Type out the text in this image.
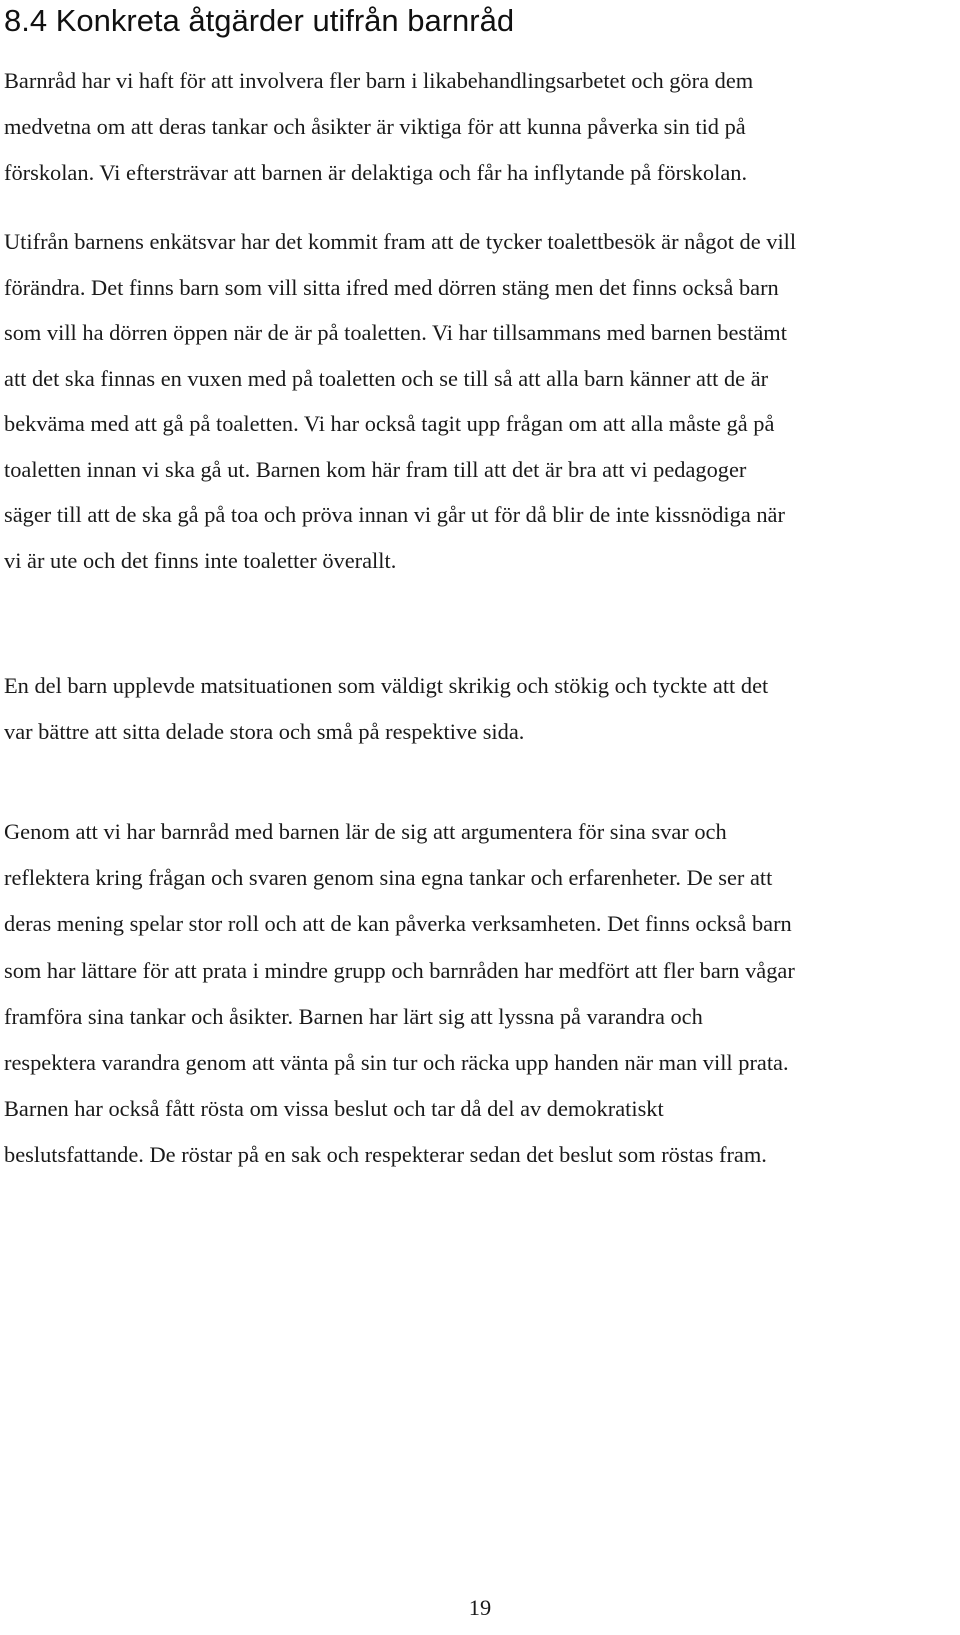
8.4 Konkreta åtgärder utifrån barnråd

Barnråd har vi haft för att involvera fler barn i likabehandlingsarbetet och göra dem
medvetna om att deras tankar och åsikter är viktiga för att kunna påverka sin tid på
förskolan. Vi eftersträvar att barnen är delaktiga och får ha inflytande på förskolan.

Utifrån barnens enkätsvar har det kommit fram att de tycker toalettbesök är något de vill
förändra. Det finns barn som vill sitta ifred med dörren stäng men det finns också barn
som vill ha dörren öppen när de är på toaletten. Vi har tillsammans med barnen bestämt
att det ska finnas en vuxen med på toaletten och se till så att alla barn känner att de är
bekväma med att gå på toaletten. Vi har också tagit upp frågan om att alla måste gå på
toaletten innan vi ska gå ut. Barnen kom här fram till att det är bra att vi pedagoger
säger till att de ska gå på toa och pröva innan vi går ut för då blir de inte kissnödiga när
vi är ute och det finns inte toaletter överallt.

En del barn upplevde matsituationen som väldigt skrikig och stökig och tyckte att det
var bättre att sitta delade stora och små på respektive sida.

Genom att vi har barnråd med barnen lär de sig att argumentera för sina svar och
reflektera kring frågan och svaren genom sina egna tankar och erfarenheter. De ser att
deras mening spelar stor roll och att de kan påverka verksamheten. Det finns också barn
som har lättare för att prata i mindre grupp och barnråden har medfört att fler barn vågar
framföra sina tankar och åsikter. Barnen har lärt sig att lyssna på varandra och
respektera varandra genom att vänta på sin tur och räcka upp handen när man vill prata.
Barnen har också fått rösta om vissa beslut och tar då del av demokratiskt
beslutsfattande. De röstar på en sak och respekterar sedan det beslut som röstas fram.

19
